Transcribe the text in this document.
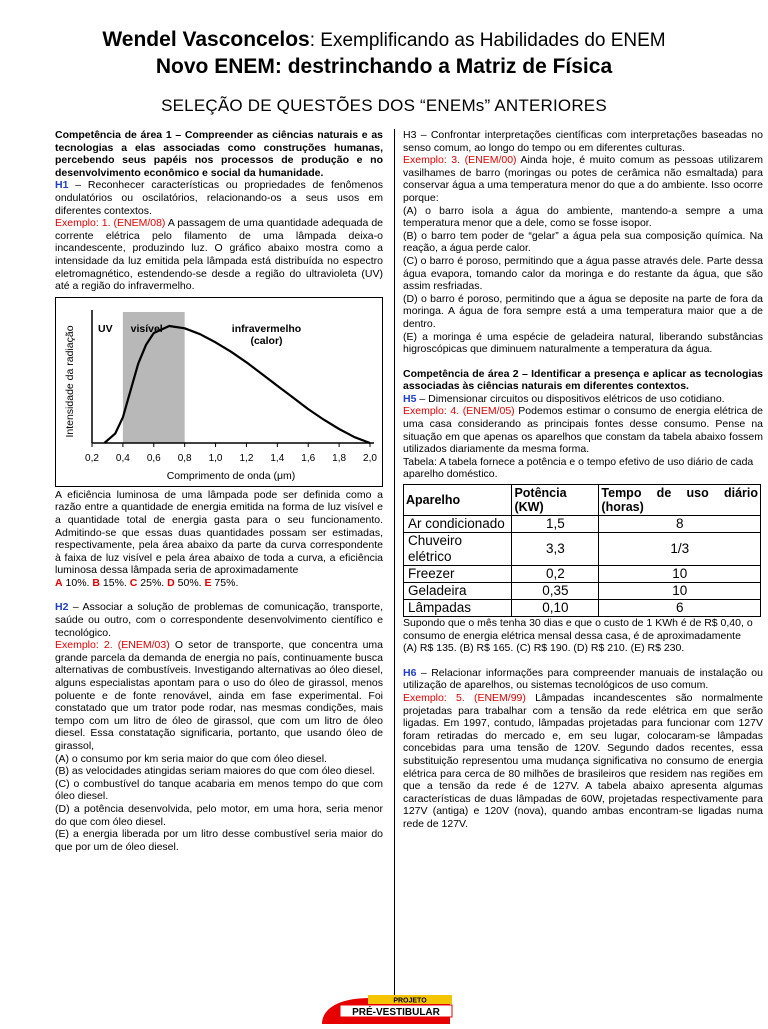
Wendel Vasconcelos: Exemplificando as Habilidades do ENEM
Novo ENEM: destrinchando a Matriz de Física
SELEÇÃO DE QUESTÕES DOS “ENEMs” ANTERIORES

Competência de área 1 – Compreender as ciências naturais e as tecnologias a elas associadas como construções humanas, percebendo seus papéis nos processos de produção e no desenvolvimento econômico e social da humanidade.

H1 – Reconhecer características ou propriedades de fenômenos ondulatórios ou oscilatórios, relacionando-os a seus usos em diferentes contextos.

Exemplo: 1. (ENEM/08) A passagem de uma quantidade adequada de corrente elétrica pelo filamento de uma lâmpada deixa-o incandescente, produzindo luz. O gráfico abaixo mostra como a intensidade da luz emitida pela lâmpada está distribuída no espectro eletromagnético, estendendo-se desde a região do ultravioleta (UV) até a região do infravermelho.

0,2 0,4 0,6 0,8 1,0 1,2 1,4 1,6 1,8 2,0
Comprimento de onda (μm)
Intensidade da radiação UV visível	infravermelho
(calor)

A eficiência luminosa de uma lâmpada pode ser definida como a razão entre a quantidade de energia emitida na forma de luz visível e a quantidade total de energia gasta para o seu funcionamento. Admitindo-se que essas duas quantidades possam ser estimadas, respectivamente, pela área abaixo da parte da curva correspondente à faixa de luz visível e pela área abaixo de toda a curva, a eficiência luminosa dessa lâmpada seria de aproximadamente

A 10%. B 15%. C 25%. D 50%. E 75%.

H2 – Associar a solução de problemas de comunicação, transporte, saúde ou outro, com o correspondente desenvolvimento científico e tecnológico.

Exemplo: 2. (ENEM/03) O setor de transporte, que concentra uma grande parcela da demanda de energia no país, continuamente busca alternativas de combustíveis. Investigando alternativas ao óleo diesel, alguns especialistas apontam para o uso do óleo de girassol, menos poluente e de fonte renovável, ainda em fase experimental. Foi constatado que um trator pode rodar, nas mesmas condições, mais tempo com um litro de óleo de girassol, que com um litro de óleo diesel. Essa constatação significaria, portanto, que usando óleo de girassol,

(A) o consumo por km seria maior do que com óleo diesel.

(B) as velocidades atingidas seriam maiores do que com óleo diesel.

(C) o combustível do tanque acabaria em menos tempo do que com óleo diesel.

(D) a potência desenvolvida, pelo motor, em uma hora, seria menor do que com óleo diesel.

(E) a energia liberada por um litro desse combustível seria maior do que por um de óleo diesel.

H3 – Confrontar interpretações científicas com interpretações baseadas no senso comum, ao longo do tempo ou em diferentes culturas.

Exemplo: 3. (ENEM/00) Ainda hoje, é muito comum as pessoas utilizarem vasilhames de barro (moringas ou potes de cerâmica não esmaltada) para conservar água a uma temperatura menor do que a do ambiente. Isso ocorre porque:

(A) o barro isola a água do ambiente, mantendo-a sempre a uma temperatura menor que a dele, como se fosse isopor.

(B) o barro tem poder de “gelar” a água pela sua composição química. Na reação, a água perde calor.

(C) o barro é poroso, permitindo que a água passe através dele. Parte dessa água evapora, tomando calor da moringa e do restante da água, que são assim resfriadas.

(D) o barro é poroso, permitindo que a água se deposite na parte de fora da moringa. A água de fora sempre está a uma temperatura maior que a de dentro.

(E) a moringa é uma espécie de geladeira natural, liberando substâncias higroscópicas que diminuem naturalmente a temperatura da água.

Competência de área 2 – Identificar a presença e aplicar as tecnologias associadas às ciências naturais em diferentes contextos.

H5 – Dimensionar circuitos ou dispositivos elétricos de uso cotidiano.

Exemplo: 4. (ENEM/05) Podemos estimar o consumo de energia elétrica de uma casa considerando as principais fontes desse consumo. Pense na situação em que apenas os aparelhos que constam da tabela abaixo fossem utilizados diariamente da mesma forma.

Tabela: A tabela fornece a potência e o tempo efetivo de uso diário de cada aparelho doméstico.

Aparelho	Potência (KW)	Tempo de uso diário (horas)
Ar condicionado	1,5	8
Chuveiro elétrico	3,3	1/3
Freezer	0,2	10
Geladeira	0,35	10
Lâmpadas	0,10	6

Supondo que o mês tenha 30 dias e que o custo de 1 KWh é de R$ 0,40, o consumo de energia elétrica mensal dessa casa, é de aproximadamente

(A) R$ 135. (B) R$ 165. (C) R$ 190. (D) R$ 210. (E) R$ 230.

H6 – Relacionar informações para compreender manuais de instalação ou utilização de aparelhos, ou sistemas tecnológicos de uso comum.

Exemplo: 5. (ENEM/99) Lâmpadas incandescentes são normalmente projetadas para trabalhar com a tensão da rede elétrica em que serão ligadas. Em 1997, contudo, lâmpadas projetadas para funcionar com 127V foram retiradas do mercado e, em seu lugar, colocaram-se lâmpadas concebidas para uma tensão de 120V. Segundo dados recentes, essa substituição representou uma mudança significativa no consumo de energia elétrica para cerca de 80 milhões de brasileiros que residem nas regiões em que a tensão da rede é de 127V. A tabela abaixo apresenta algumas características de duas lâmpadas de 60W, projetadas respectivamente para 127V (antiga) e 120V (nova), quando ambas encontram-se ligadas numa rede de 127V.

PROJETO
PRÉ-VESTIBULAR
